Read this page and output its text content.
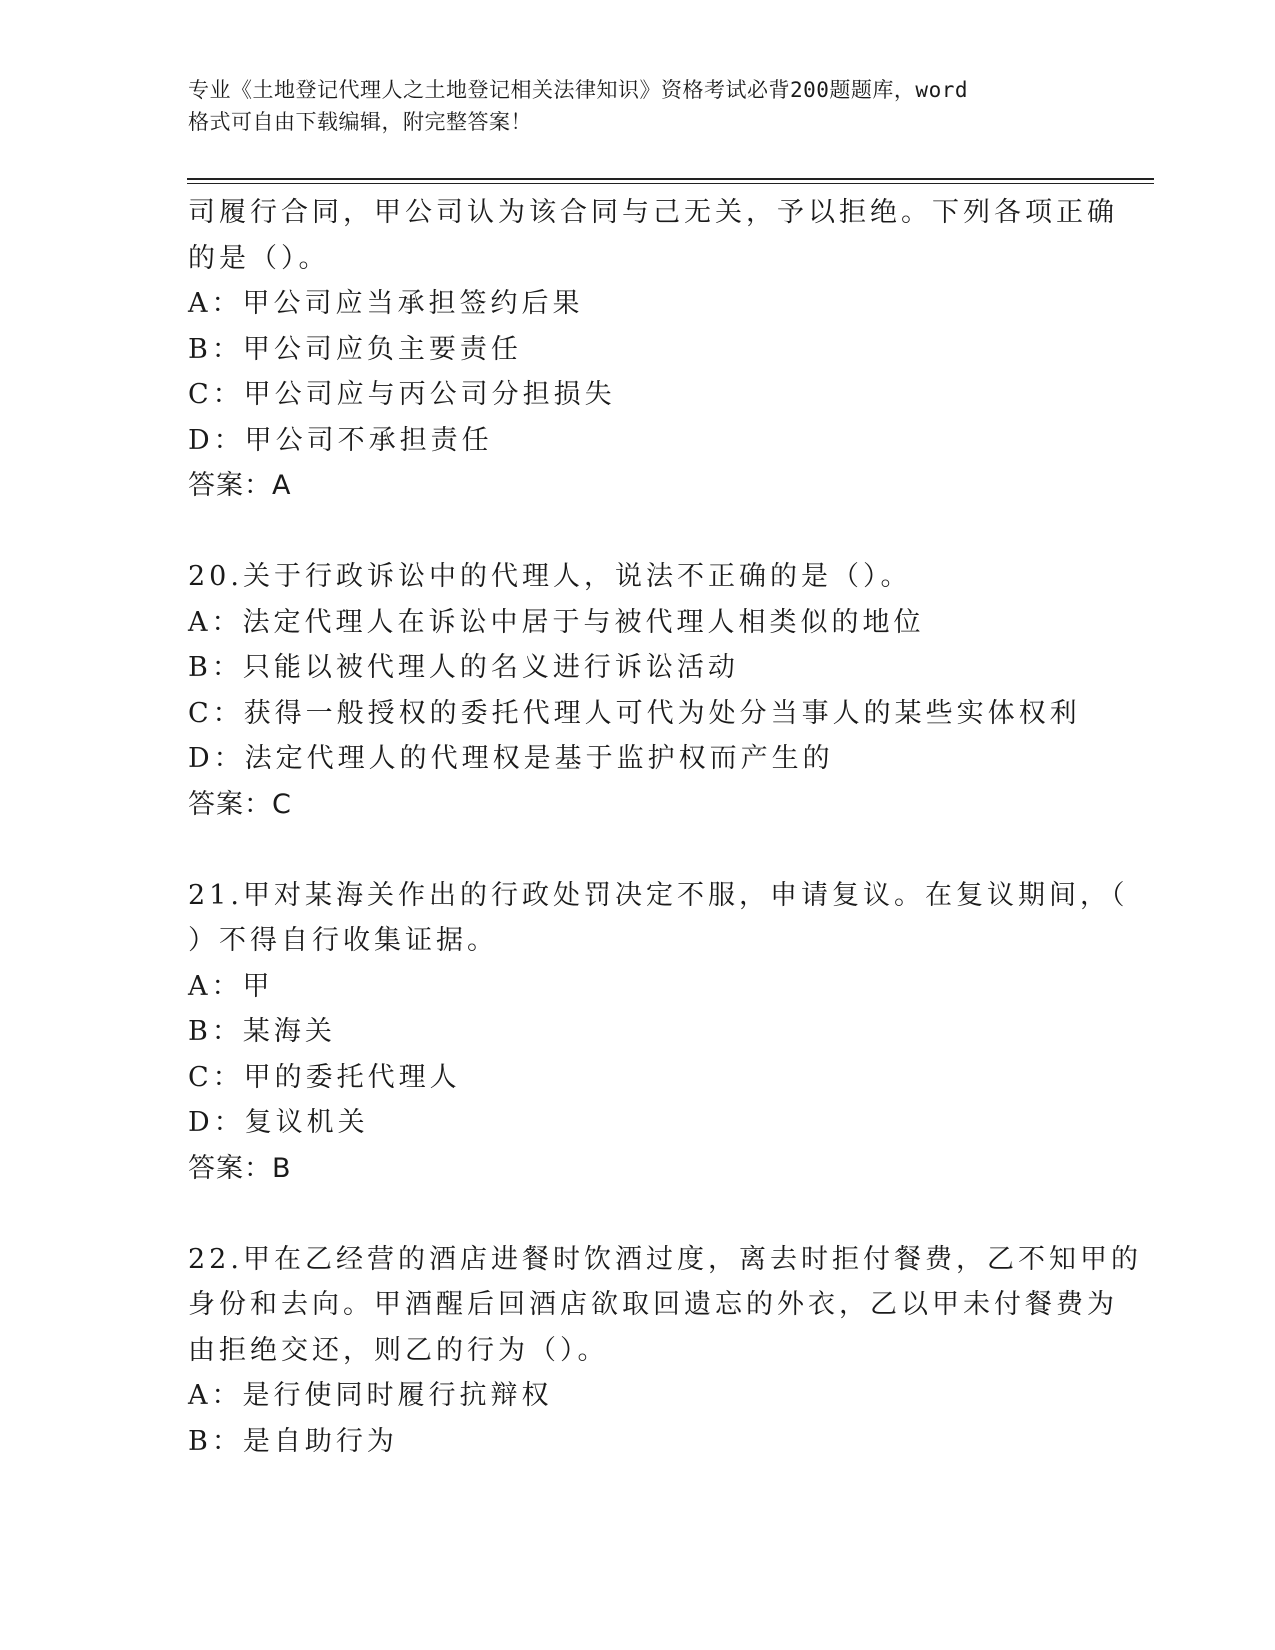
专业《土地登记代理人之土地登记相关法律知识》资格考试必背200题题库，word
格式可自由下载编辑，附完整答案！
司履行合同，甲公司认为该合同与己无关，予以拒绝。下列各项正确
的是（）。
A：甲公司应当承担签约后果
B：甲公司应负主要责任
C：甲公司应与丙公司分担损失
D：甲公司不承担责任
答案：A
20.关于行政诉讼中的代理人，说法不正确的是（）。
A：法定代理人在诉讼中居于与被代理人相类似的地位
B：只能以被代理人的名义进行诉讼活动
C：获得一般授权的委托代理人可代为处分当事人的某些实体权利
D：法定代理人的代理权是基于监护权而产生的
答案：C
21.甲对某海关作出的行政处罚决定不服，申请复议。在复议期间，（
）不得自行收集证据。
A：甲
B：某海关
C：甲的委托代理人
D：复议机关
答案：B
22.甲在乙经营的酒店进餐时饮酒过度，离去时拒付餐费，乙不知甲的
身份和去向。甲酒醒后回酒店欲取回遗忘的外衣，乙以甲未付餐费为
由拒绝交还，则乙的行为（）。
A：是行使同时履行抗辩权
B：是自助行为
